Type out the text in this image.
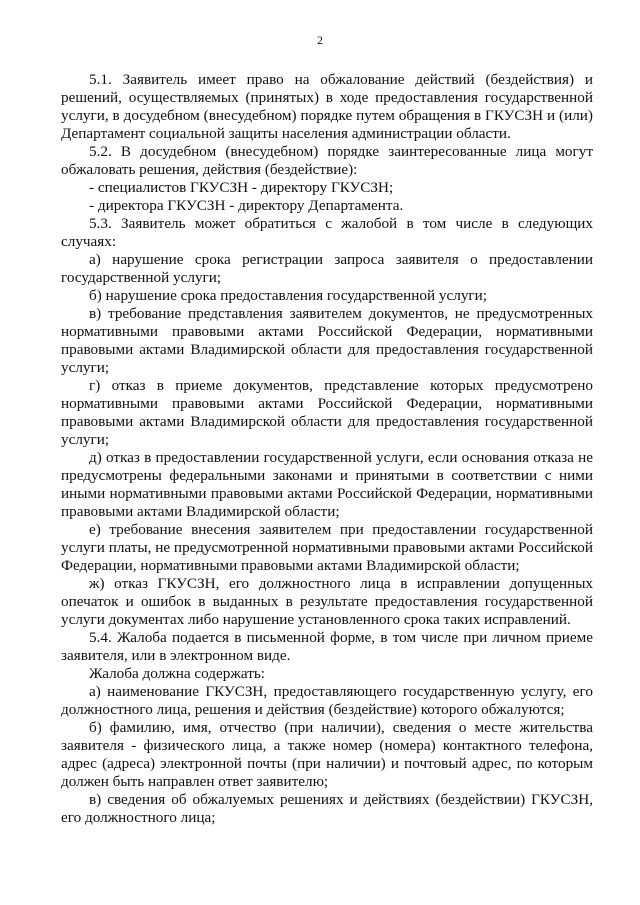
2
5.1. Заявитель имеет право на обжалование действий (бездействия) и решений, осуществляемых (принятых) в ходе предоставления государственной услуги, в досудебном (внесудебном) порядке путем обращения в ГКУСЗН и (или) Департамент социальной защиты населения администрации области.
5.2. В досудебном (внесудебном) порядке заинтересованные лица могут обжаловать решения, действия (бездействие):
- специалистов ГКУСЗН - директору ГКУСЗН;
- директора ГКУСЗН - директору Департамента.
5.3. Заявитель может обратиться с жалобой в том числе в следующих случаях:
а) нарушение срока регистрации запроса заявителя о предоставлении государственной услуги;
б) нарушение срока предоставления государственной услуги;
в) требование представления заявителем документов, не предусмотренных нормативными правовыми актами Российской Федерации, нормативными правовыми актами Владимирской области для предоставления государственной услуги;
г) отказ в приеме документов, представление которых предусмотрено нормативными правовыми актами Российской Федерации, нормативными правовыми актами Владимирской области для предоставления государственной услуги;
д) отказ в предоставлении государственной услуги, если основания отказа не предусмотрены федеральными законами и принятыми в соответствии с ними иными нормативными правовыми актами Российской Федерации, нормативными правовыми актами Владимирской области;
е) требование внесения заявителем при предоставлении государственной услуги платы, не предусмотренной нормативными правовыми актами Российской Федерации, нормативными правовыми актами Владимирской области;
ж) отказ ГКУСЗН, его должностного лица в исправлении допущенных опечаток и ошибок в выданных в результате предоставления государственной услуги документах либо нарушение установленного срока таких исправлений.
5.4. Жалоба подается в письменной форме, в том числе при личном приеме заявителя, или в электронном виде.
Жалоба должна содержать:
а) наименование ГКУСЗН, предоставляющего государственную услугу, его должностного лица, решения и действия (бездействие) которого обжалуются;
б) фамилию, имя, отчество (при наличии), сведения о месте жительства заявителя - физического лица, а также номер (номера) контактного телефона, адрес (адреса) электронной почты (при наличии) и почтовый адрес, по которым должен быть направлен ответ заявителю;
в) сведения об обжалуемых решениях и действиях (бездействии) ГКУСЗН, его должностного лица;
